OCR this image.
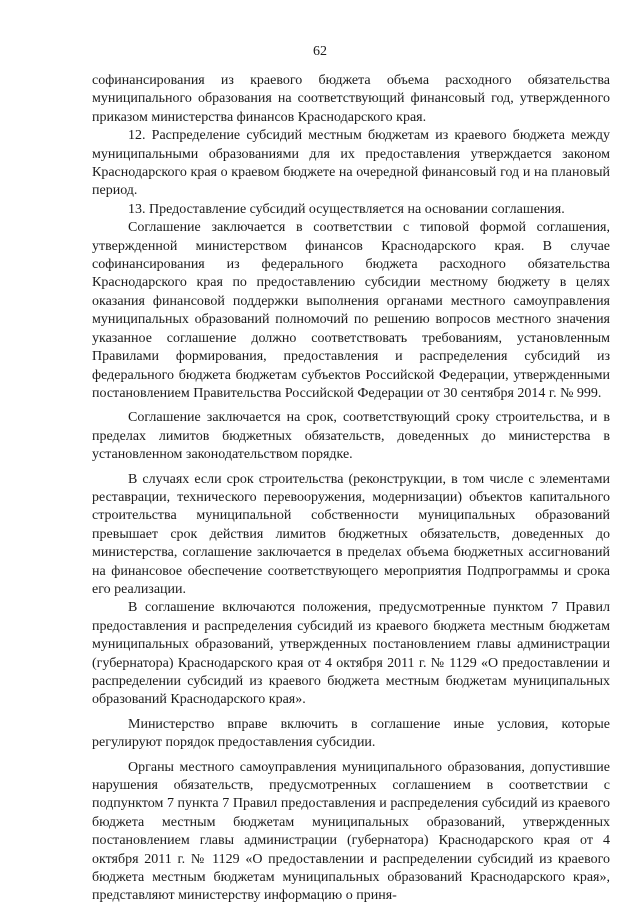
62

софинансирования из краевого бюджета объема расходного обязательства муниципального образования на соответствующий финансовый год, утвержденного приказом министерства финансов Краснодарского края.

12. Распределение субсидий местным бюджетам из краевого бюджета между муниципальными образованиями для их предоставления утверждается законом Краснодарского края о краевом бюджете на очередной финансовый год и на плановый период.

13. Предоставление субсидий осуществляется на основании соглашения.

Соглашение заключается в соответствии с типовой формой соглашения, утвержденной министерством финансов Краснодарского края. В случае софинансирования из федерального бюджета расходного обязательства Краснодарского края по предоставлению субсидии местному бюджету в целях оказания финансовой поддержки выполнения органами местного самоуправления муниципальных образований полномочий по решению вопросов местного значения указанное соглашение должно соответствовать требованиям, установленным Правилами формирования, предоставления и распределения субсидий из федерального бюджета бюджетам субъектов Российской Федерации, утвержденными постановлением Правительства Российской Федерации от 30 сентября 2014 г. № 999.

Соглашение заключается на срок, соответствующий сроку строительства, и в пределах лимитов бюджетных обязательств, доведенных до министерства в установленном законодательством порядке.

В случаях если срок строительства (реконструкции, в том числе с элементами реставрации, технического перевооружения, модернизации) объектов капитального строительства муниципальной собственности муниципальных образований превышает срок действия лимитов бюджетных обязательств, доведенных до министерства, соглашение заключается в пределах объема бюджетных ассигнований на финансовое обеспечение соответствующего мероприятия Подпрограммы и срока его реализации.

В соглашение включаются положения, предусмотренные пунктом 7 Правил предоставления и распределения субсидий из краевого бюджета местным бюджетам муниципальных образований, утвержденных постановлением главы администрации (губернатора) Краснодарского края от 4 октября 2011 г. № 1129 «О предоставлении и распределении субсидий из краевого бюджета местным бюджетам муниципальных образований Краснодарского края».

Министерство вправе включить в соглашение иные условия, которые регулируют порядок предоставления субсидии.

Органы местного самоуправления муниципального образования, допустившие нарушения обязательств, предусмотренных соглашением в соответствии с подпунктом 7 пункта 7 Правил предоставления и распределения субсидий из краевого бюджета местным бюджетам муниципальных образований, утвержденных постановлением главы администрации (губернатора) Краснодарского края от 4 октября 2011 г. № 1129 «О предоставлении и распределении субсидий из краевого бюджета местным бюджетам муниципальных образований Краснодарского края», представляют министерству информацию о приня-
